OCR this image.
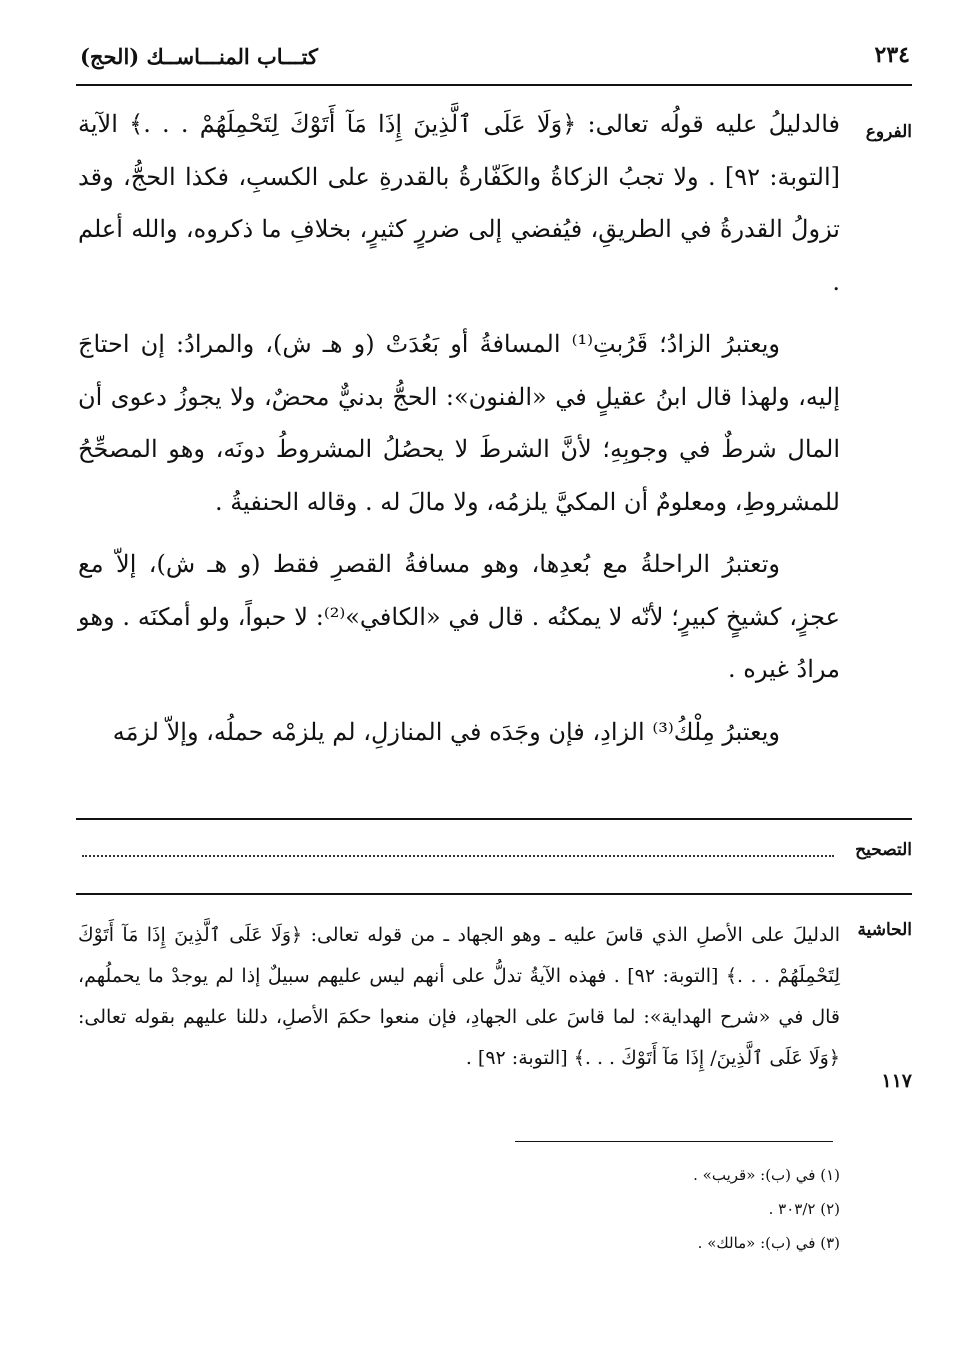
٢٣٤
كتـــاب المنـــاســك (الحج)
الفروع

فالدليلُ عليه قولُه تعالى: ﴿وَلَا عَلَى ٱلَّذِينَ إِذَا مَآ أَتَوْكَ لِتَحْمِلَهُمْ . . .﴾ الآية [التوبة: ٩٢] . ولا تجبُ الزكاةُ والكَفّارةُ بالقدرةِ على الكسبِ، فكذا الحجُّ، وقد تزولُ القدرةُ في الطريقِ، فيُفضي إلى ضررٍ كثيرٍ، بخلافِ ما ذكروه، والله أعلم .

ويعتبرُ الزادُ؛ قَرُبتِ⁽¹⁾ المسافةُ أو بَعُدَتْ (و هـ ش)، والمرادُ: إن احتاجَ إليه، ولهذا قال ابنُ عقيلٍ في «الفنون»: الحجُّ بدنيٌّ محضٌ، ولا يجوزُ دعوى أن المال شرطٌ في وجوبِهِ؛ لأنَّ الشرطَ لا يحصُلُ المشروطُ دونَه، وهو المصحِّحُ للمشروطِ، ومعلومٌ أن المكيَّ يلزمُه، ولا مالَ له . وقاله الحنفيةُ .

وتعتبرُ الراحلةُ مع بُعدِها، وهو مسافةُ القصرِ فقط (و هـ ش)، إلاّ مع عجزٍ، كشيخٍ كبيرٍ؛ لأنّه لا يمكنُه . قال في «الكافي»⁽²⁾: لا حبواً، ولو أمكنَه . وهو مرادُ غيره .

ويعتبرُ مِلْكُ⁽³⁾ الزادِ، فإن وجَدَه في المنازلِ، لم يلزمْه حملُه، وإلاّ لزمَه

التصحيح
الحاشية

الدليلَ على الأصلِ الذي قاسَ عليه ـ وهو الجهاد ـ من قوله تعالى: ﴿وَلَا عَلَى ٱلَّذِينَ إِذَا مَآ أَتَوْكَ لِتَحْمِلَهُمْ . . .﴾ [التوبة: ٩٢] . فهذه الآيةُ تدلُّ على أنهم ليس عليهم سبيلٌ إذا لم يوجدْ ما يحملُهم، قال في «شرح الهداية»: لما قاسَ على الجهادِ، فإن منعوا حكمَ الأصلِ، دللنا عليهم بقوله تعالى: ﴿وَلَا عَلَى ٱلَّذِينَ/ إِذَا مَآ أَتَوْكَ . . .﴾ [التوبة: ٩٢] .

١١٧
(١) في (ب): «قريب» .
(٢) ٣٠٣/٢ .
(٣) في (ب): «مالك» .
